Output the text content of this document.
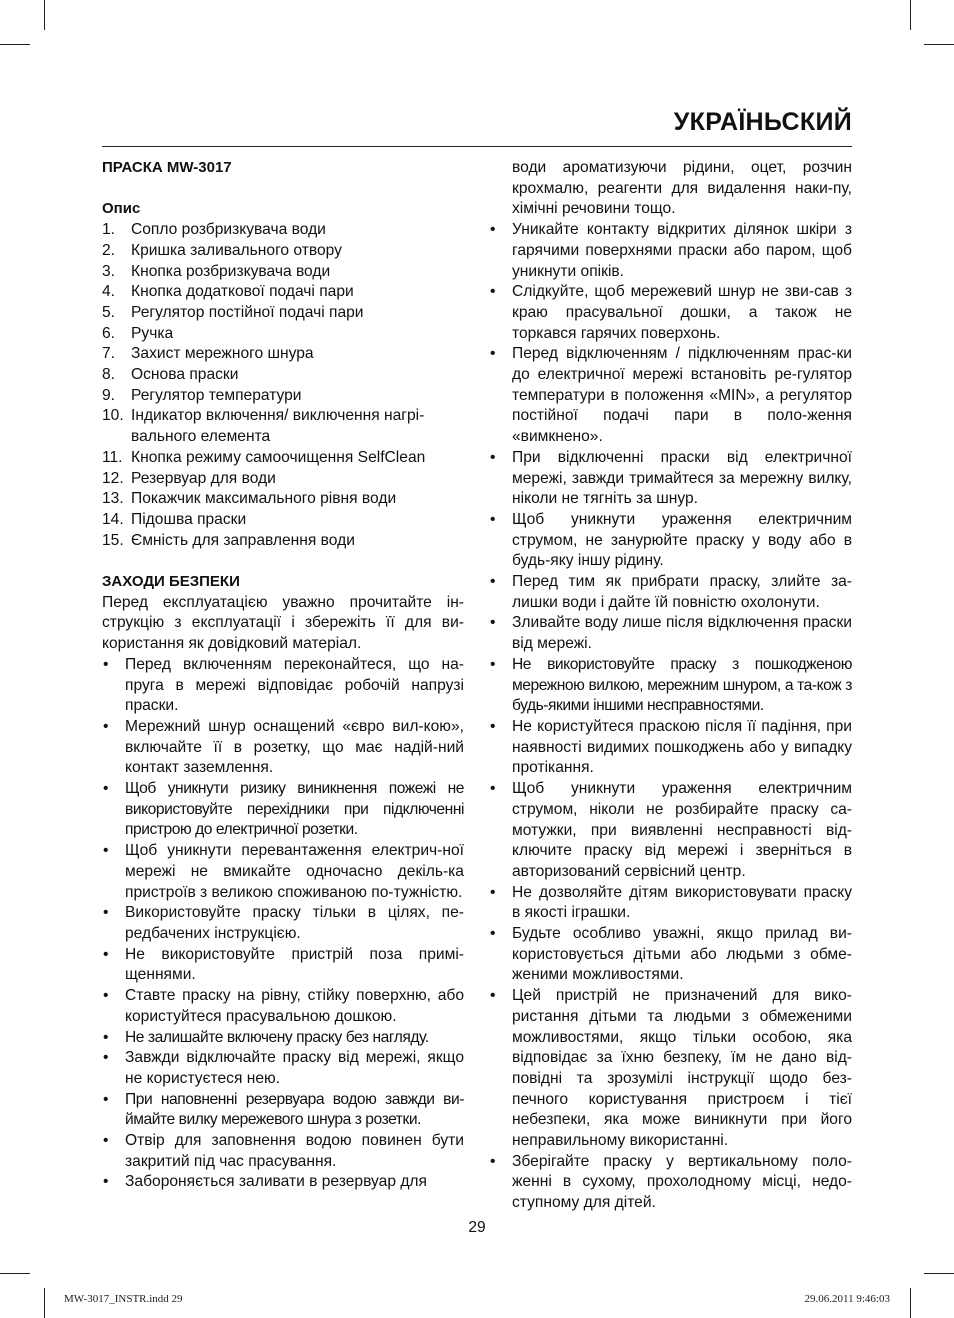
УКРАЇНЬСКИЙ
ПРАСКА MW-3017
Опис
1.	Сопло розбризкувача води
2.	Кришка заливального отвору
3.	Кнопка розбризкувача води
4.	Кнопка додаткової подачі пари
5.	Регулятор постійної подачі пари
6.	Ручка
7.	Захист мережного шнура
8.	Основа праски
9.	Регулятор температури
10. Індикатор включення/ виключення нагрі-вального елемента
11. Кнопка режиму самоочищення SelfClean
12. Резервуар для води
13. Покажчик максимального рівня води
14. Підошва праски
15. Ємність для заправлення води
ЗАХОДИ БЕЗПЕКИ
Перед експлуатацією уважно прочитайте ін-струкцію з експлуатації і збережіть її для ви-користання як довідковий матеріал.
• Перед включенням переконайтеся, що на-пруга в мережі відповідає робочій напрузі праски.
• Мережний шнур оснащений «євро вил-кою», включайте її в розетку, що має надій-ний контакт заземлення.
• Щоб уникнути ризику виникнення пожежі не використовуйте перехідники при підключенні пристрою до електричної розетки.
• Щоб уникнути перевантаження електрич-ної мережі не вмикайте одночасно декіль-ка пристроїв з великою споживаною по-тужністю.
• Використовуйте праску тільки в цілях, пе-редбачених інструкцією.
• Не використовуйте пристрій поза примі-щеннями.
• Ставте праску на рівну, стійку поверхню, або користуйтеся прасувальною дошкою.
• Не залишайте включену праску без нагляду.
• Завжди відключайте праску від мережі, якщо не користуєтеся нею.
• При наповненні резервуара водою завжди ви-ймайте вилку мережевого шнура з розетки.
• Отвір для заповнення водою повинен бути закритий під час прасування.
• Забороняється заливати в резервуар для
води ароматизуючи рідини, оцет, розчин крохмалю, реагенти для видалення наки-пу, хімічні речовини тощо.
• Уникайте контакту відкритих ділянок шкіри з гарячими поверхнями праски або паром, щоб уникнути опіків.
• Слідкуйте, щоб мережевий шнур не зви-сав з краю прасувальної дошки, а також не торкався гарячих поверхонь.
• Перед відключенням / підключенням прас-ки до електричної мережі встановіть ре-гулятор температури в положення «MIN», а регулятор постійної подачі пари в поло-ження «вимкнено».
• При відключенні праски від електричної мережі, завжди тримайтеся за мережну вилку, ніколи не тягніть за шнур.
• Щоб уникнути ураження електричним струмом, не занурюйте праску у воду або в будь-яку іншу рідину.
• Перед тим як прибрати праску, злийте за-лишки води і дайте їй повністю охолонути.
• Зливайте воду лише після відключення праски від мережі.
• Не використовуйте праску з пошкодженою мережною вилкою, мережним шнуром, а та-кож з будь-якими іншими несправностями.
• Не користуйтеся праскою після її падіння, при наявності видимих пошкоджень або у випадку протікання.
• Щоб уникнути ураження електричним струмом, ніколи не розбирайте праску са-мотужки, при виявленні несправності від-ключите праску від мережі і зверніться в авторизований сервісний центр.
• Не дозволяйте дітям використовувати праску в якості іграшки.
• Будьте особливо уважні, якщо прилад ви-користовується дітьми або людьми з обме-женими можливостями.
• Цей пристрій не призначений для вико-ристання дітьми та людьми з обмеженими можливостями, якщо тільки особою, яка відповідає за їхню безпеку, їм не дано від-повідні та зрозумілі інструкції щодо без-печного користування пристроєм і тієї небезпеки, яка може виникнути при його неправильному використанні.
• Зберігайте праску у вертикальному поло-женні в сухому, прохолодному місці, недо-ступному для дітей.
29
MW-3017_INSTR.indd 29	29.06.2011 9:46:03
